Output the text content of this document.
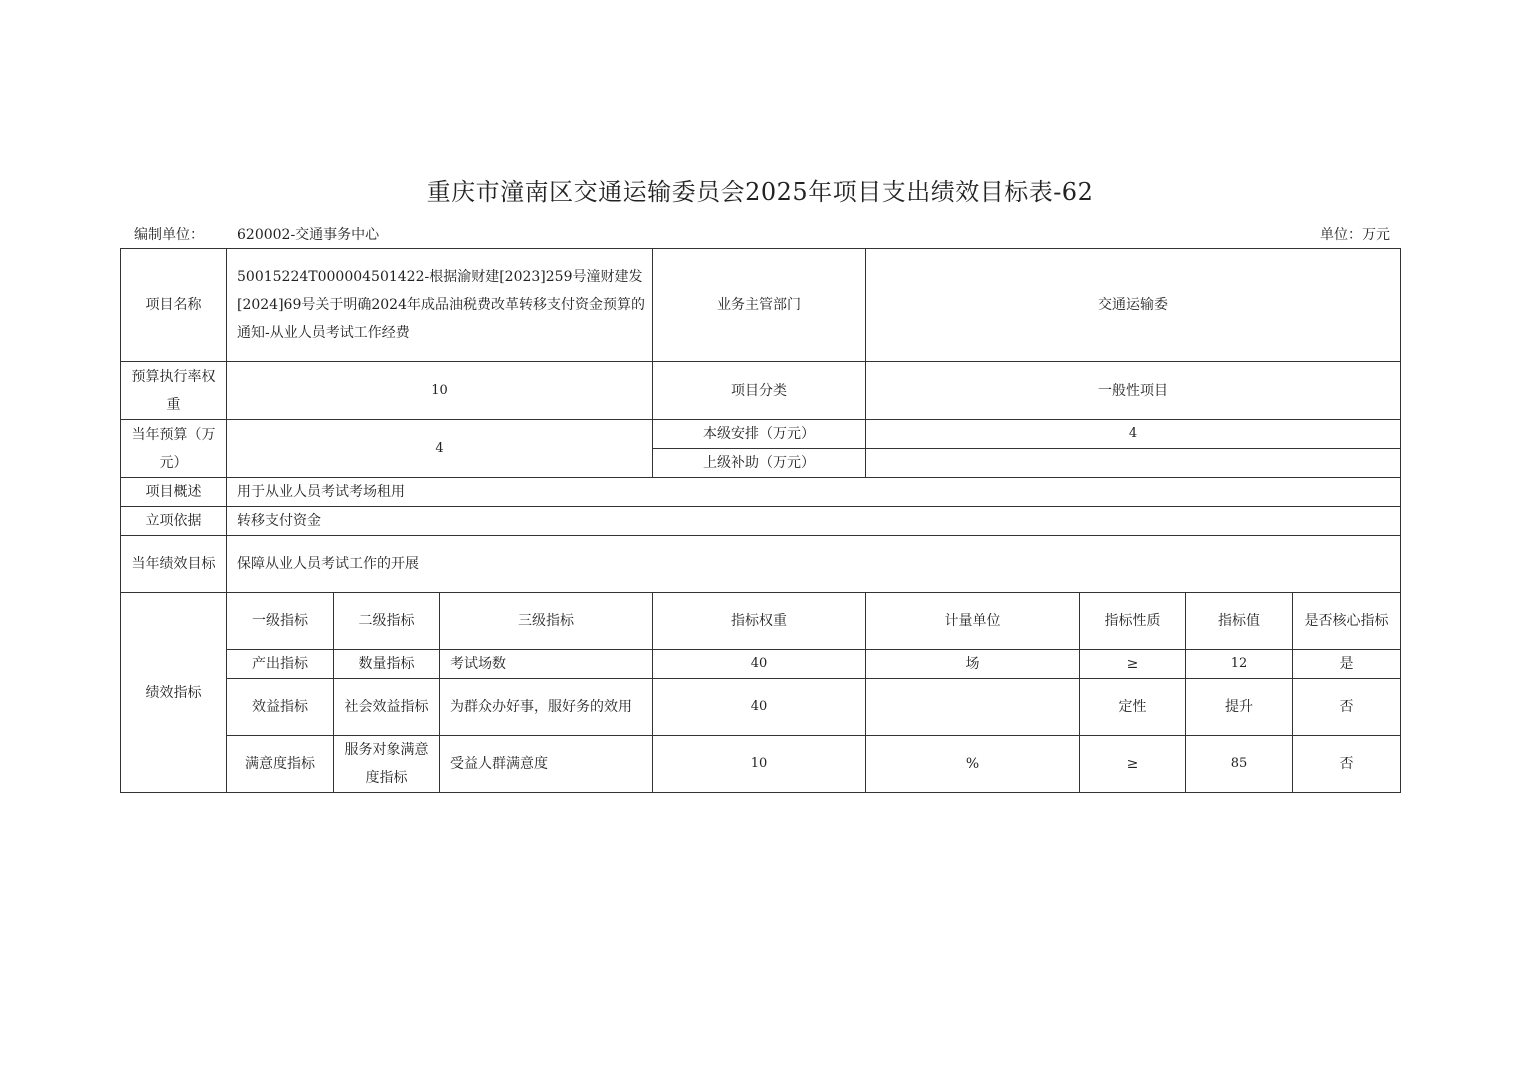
重庆市潼南区交通运输委员会2025年项目支出绩效目标表-62
编制单位： 620002-交通事务中心	单位：万元
项目名称	50015224T000004501422-根据渝财建[2023]259号潼财建发[2024]69号关于明确2024年成品油税费改革转移支付资金预算的通知-从业人员考试工作经费			业务主管部门	交通运输委			
预算执行率权重	10			项目分类	一般性项目			
当年预算（万元）	4			本级安排（万元）	4			
				上级补助（万元）				
项目概述	用于从业人员考试考场租用							
立项依据	转移支付资金							
当年绩效目标	保障从业人员考试工作的开展							
绩效指标	一级指标	二级指标	三级指标	指标权重	计量单位	指标性质	指标值	是否核心指标
	产出指标	数量指标	考试场数	40	场	≥	12	是
	效益指标	社会效益指标	为群众办好事，服好务的效用	40		定性	提升	否
	满意度指标	服务对象满意度指标	受益人群满意度	10	%	≥	85	否
